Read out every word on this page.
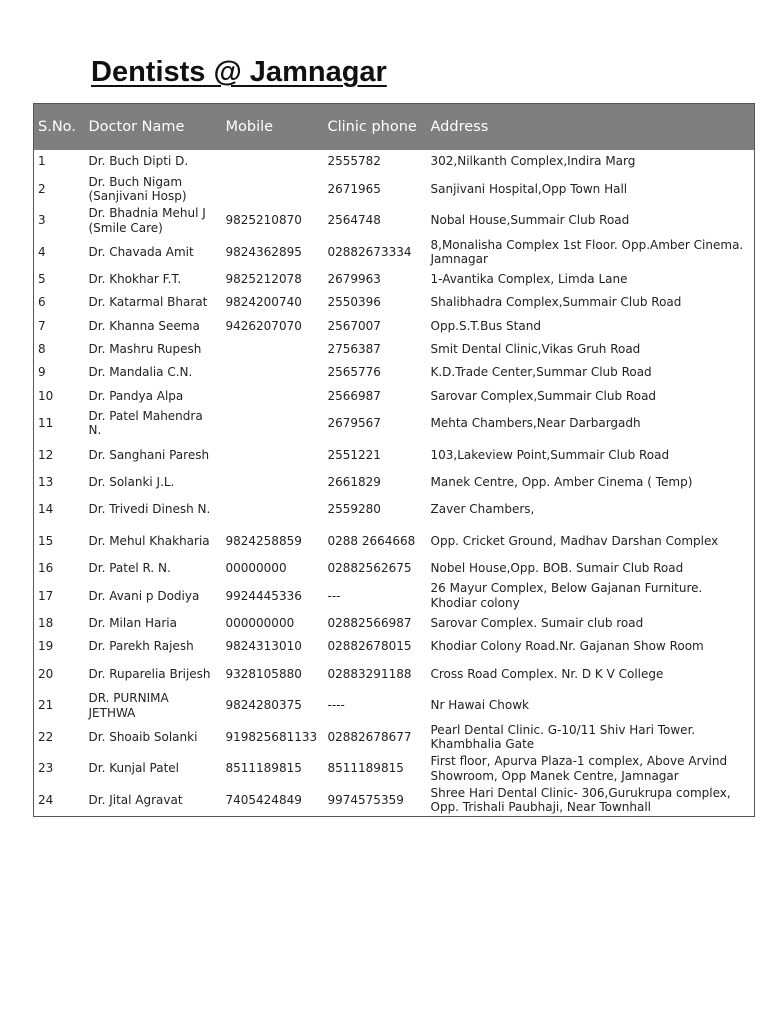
Dentists @ Jamnagar
S.No.	Doctor Name	Mobile	Clinic phone	Address
1	Dr. Buch Dipti D.		2555782	302,Nilkanth Complex,Indira Marg
2	Dr. Buch Nigam (Sanjivani Hosp)		2671965	Sanjivani Hospital,Opp Town Hall
3	Dr. Bhadnia Mehul J (Smile Care)	9825210870	2564748	Nobal House,Summair Club Road
4	Dr. Chavada Amit	9824362895	02882673334	8,Monalisha Complex 1st Floor. Opp.Amber Cinema. Jamnagar
5	Dr. Khokhar F.T.	9825212078	2679963	1-Avantika Complex, Limda Lane
6	Dr. Katarmal Bharat	9824200740	2550396	Shalibhadra Complex,Summair Club Road
7	Dr. Khanna Seema	9426207070	2567007	Opp.S.T.Bus Stand
8	Dr. Mashru Rupesh		2756387	Smit Dental Clinic,Vikas Gruh Road
9	Dr. Mandalia C.N.		2565776	K.D.Trade Center,Summar Club Road
10	Dr. Pandya Alpa		2566987	Sarovar Complex,Summair Club Road
11	Dr. Patel Mahendra N.		2679567	Mehta Chambers,Near Darbargadh
12	Dr. Sanghani Paresh		2551221	103,Lakeview Point,Summair Club Road
13	Dr. Solanki J.L.		2661829	Manek Centre, Opp. Amber Cinema ( Temp)
14	Dr. Trivedi Dinesh N.		2559280	Zaver Chambers,
15	Dr. Mehul Khakharia	9824258859	0288 2664668	Opp. Cricket Ground, Madhav Darshan Complex
16	Dr. Patel R. N.	00000000	02882562675	Nobel House,Opp. BOB. Sumair Club Road
17	Dr. Avani p Dodiya	9924445336	---	26 Mayur Complex, Below Gajanan Furniture. Khodiar colony
18	Dr. Milan Haria	000000000	02882566987	Sarovar Complex. Sumair club road
19	Dr. Parekh Rajesh	9824313010	02882678015	Khodiar Colony Road.Nr. Gajanan Show Room
20	Dr. Ruparelia Brijesh	9328105880	02883291188	Cross Road Complex. Nr. D K V College
21	DR. PURNIMA JETHWA	9824280375	----	Nr Hawai Chowk
22	Dr. Shoaib Solanki	919825681133	02882678677	Pearl Dental Clinic. G-10/11 Shiv Hari Tower. Khambhalia Gate
23	Dr. Kunjal Patel	8511189815	8511189815	First floor, Apurva Plaza-1 complex, Above Arvind Showroom, Opp Manek Centre, Jamnagar
24	Dr. Jital Agravat	7405424849	9974575359	Shree Hari Dental Clinic- 306,Gurukrupa complex, Opp. Trishali Paubhaji, Near Townhall
